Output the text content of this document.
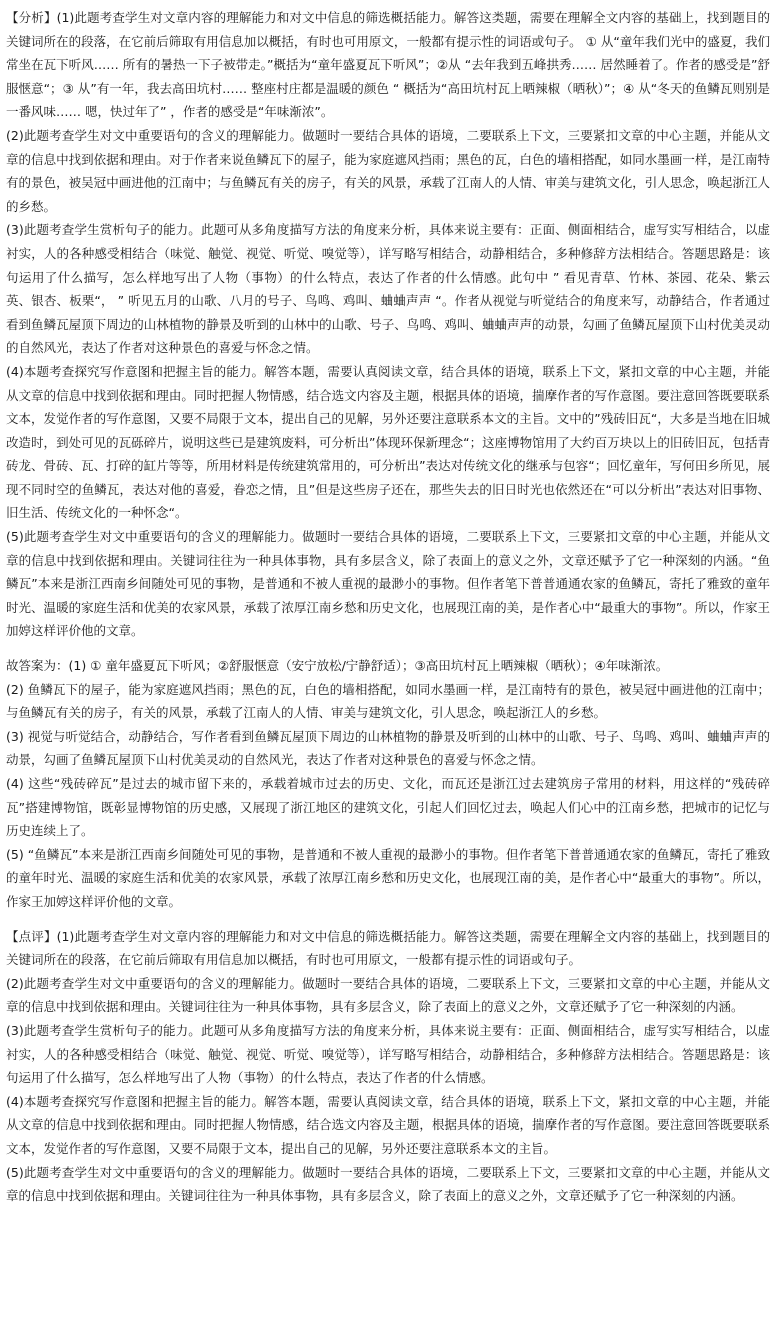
【分析】(1)此题考查学生对文章内容的理解能力和对文中信息的筛选概括能力。解答这类题，需要在理解全文内容的基础上，找到题目的关键词所在的段落，在它前后筛取有用信息加以概括，有时也可用原文，一般都有提示性的词语或句子。 ① 从“童年我们光中的盛夏，我们常坐在瓦下听风…… 所有的暑热一下子被带走。”概括为“童年盛夏瓦下听风”；②从 “去年我到五峰拱秀…… 居然睡着了。作者的感受是”舒服惬意“；③ 从”有一年，我去高田坑村…… 整座村庄都是温暖的颜色 “ 概括为“高田坑村瓦上晒辣椒（晒秋）”；④ 从“冬天的鱼鳞瓦则别是一番风味…… 嗯，快过年了” ，作者的感受是“年味渐浓”。

(2)此题考查学生对文中重要语句的含义的理解能力。做题时一要结合具体的语境，二要联系上下文，三要紧扣文章的中心主题，并能从文章的信息中找到依据和理由。对于作者来说鱼鳞瓦下的屋子，能为家庭遮风挡雨；黑色的瓦，白色的墙相搭配，如同水墨画一样，是江南特有的景色，被吴冠中画进他的江南中；与鱼鳞瓦有关的房子，有关的风景，承载了江南人的人情、审美与建筑文化，引人思念，唤起浙江人的乡愁。

(3)此题考查学生赏析句子的能力。此题可从多角度描写方法的角度来分析，具体来说主要有：正面、侧面相结合，虚写实写相结合，以虚衬实，人的各种感受相结合（味觉、触觉、视觉、听觉、嗅觉等），详写略写相结合，动静相结合，多种修辞方法相结合。答题思路是：该句运用了什么描写，怎么样地写出了人物（事物）的什么特点，表达了作者的什么情感。此句中 ” 看见青草、竹林、茶园、花朵、紫云英、银杏、板栗“， ” 听见五月的山歌、八月的号子、鸟鸣、鸡叫、蛐蛐声声 “。作者从视觉与听觉结合的角度来写，动静结合，作者通过看到鱼鳞瓦屋顶下周边的山林植物的静景及听到的山林中的山歌、号子、鸟鸣、鸡叫、蛐蛐声声的动景，勾画了鱼鳞瓦屋顶下山村优美灵动的自然风光，表达了作者对这种景色的喜爱与怀念之情。

(4)本题考查探究写作意图和把握主旨的能力。解答本题，需要认真阅读文章，结合具体的语境，联系上下文，紧扣文章的中心主题，并能从文章的信息中找到依据和理由。同时把握人物情感，结合选文内容及主题，根据具体的语境，揣摩作者的写作意图。要注意回答既要联系文本，发觉作者的写作意图，又要不局限于文本，提出自己的见解，另外还要注意联系本文的主旨。文中的”残砖旧瓦“，大多是当地在旧城改造时，到处可见的瓦砾碎片，说明这些已是建筑废料，可分析出”体现环保新理念“；这座博物馆用了大约百万块以上的旧砖旧瓦，包括青砖龙、骨砖、瓦、打碎的缸片等等，所用材料是传统建筑常用的，可分析出”表达对传统文化的继承与包容“；回忆童年，写何田乡所见，展现不同时空的鱼鳞瓦，表达对他的喜爱，眷恋之情，且”但是这些房子还在，那些失去的旧日时光也依然还在“可以分析出”表达对旧事物、旧生活、传统文化的一种怀念“。

(5)此题考查学生对文中重要语句的含义的理解能力。做题时一要结合具体的语境，二要联系上下文，三要紧扣文章的中心主题，并能从文章的信息中找到依据和理由。关键词往往为一种具体事物，具有多层含义，除了表面上的意义之外，文章还赋予了它一种深刻的内涵。“鱼鳞瓦”本来是浙江西南乡间随处可见的事物，是普通和不被人重视的最渺小的事物。但作者笔下普普通通农家的鱼鳞瓦，寄托了雅致的童年时光、温暖的家庭生活和优美的农家风景，承载了浓厚江南乡愁和历史文化，也展现江南的美，是作者心中“最重大的事物”。所以，作家王加婷这样评价他的文章。

故答案为：(1) ① 童年盛夏瓦下听风；②舒服惬意（安宁放松/宁静舒适）；③高田坑村瓦上晒辣椒（晒秋）；④年味渐浓。

(2) 鱼鳞瓦下的屋子，能为家庭遮风挡雨；黑色的瓦，白色的墙相搭配，如同水墨画一样，是江南特有的景色，被吴冠中画进他的江南中；与鱼鳞瓦有关的房子，有关的风景，承载了江南人的人情、审美与建筑文化，引人思念，唤起浙江人的乡愁。

(3) 视觉与听觉结合，动静结合，写作者看到鱼鳞瓦屋顶下周边的山林植物的静景及听到的山林中的山歌、号子、鸟鸣、鸡叫、蛐蛐声声的动景，勾画了鱼鳞瓦屋顶下山村优美灵动的自然风光，表达了作者对这种景色的喜爱与怀念之情。

(4) 这些“残砖碎瓦”是过去的城市留下来的，承载着城市过去的历史、文化，而瓦还是浙江过去建筑房子常用的材料，用这样的“残砖碎瓦”搭建博物馆，既彰显博物馆的历史感，又展现了浙江地区的建筑文化，引起人们回忆过去，唤起人们心中的江南乡愁，把城市的记忆与历史连续上了。

(5) “鱼鳞瓦”本来是浙江西南乡间随处可见的事物，是普通和不被人重视的最渺小的事物。但作者笔下普普通通农家的鱼鳞瓦，寄托了雅致的童年时光、温暖的家庭生活和优美的农家风景，承载了浓厚江南乡愁和历史文化，也展现江南的美，是作者心中“最重大的事物”。所以，作家王加婷这样评价他的文章。

【点评】(1)此题考查学生对文章内容的理解能力和对文中信息的筛选概括能力。解答这类题，需要在理解全文内容的基础上，找到题目的关键词所在的段落，在它前后筛取有用信息加以概括，有时也可用原文，一般都有提示性的词语或句子。

(2)此题考查学生对文中重要语句的含义的理解能力。做题时一要结合具体的语境，二要联系上下文，三要紧扣文章的中心主题，并能从文章的信息中找到依据和理由。关键词往往为一种具体事物，具有多层含义，除了表面上的意义之外，文章还赋予了它一种深刻的内涵。

(3)此题考查学生赏析句子的能力。此题可从多角度描写方法的角度来分析，具体来说主要有：正面、侧面相结合，虚写实写相结合，以虚衬实，人的各种感受相结合（味觉、触觉、视觉、听觉、嗅觉等），详写略写相结合，动静相结合，多种修辞方法相结合。答题思路是：该句运用了什么描写，怎么样地写出了人物（事物）的什么特点，表达了作者的什么情感。

(4)本题考查探究写作意图和把握主旨的能力。解答本题，需要认真阅读文章，结合具体的语境，联系上下文，紧扣文章的中心主题，并能从文章的信息中找到依据和理由。同时把握人物情感，结合选文内容及主题，根据具体的语境，揣摩作者的写作意图。要注意回答既要联系文本，发觉作者的写作意图，又要不局限于文本，提出自己的见解，另外还要注意联系本文的主旨。

(5)此题考查学生对文中重要语句的含义的理解能力。做题时一要结合具体的语境，二要联系上下文，三要紧扣文章的中心主题，并能从文章的信息中找到依据和理由。关键词往往为一种具体事物，具有多层含义，除了表面上的意义之外，文章还赋予了它一种深刻的内涵。
